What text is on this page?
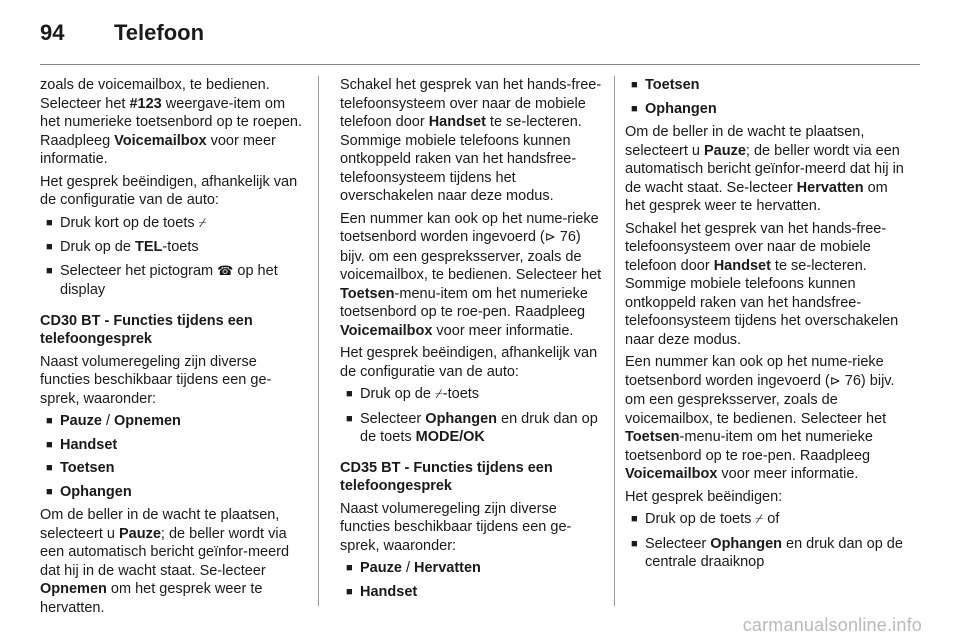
94	Telefoon

zoals de voicemailbox, te bedienen. Selecteer het #123 weergave-item om het numerieke toetsenbord op te roepen. Raadpleeg Voicemailbox voor meer informatie.

Het gesprek beëindigen, afhankelijk van de configuratie van de auto:

■ Druk kort op de toets ⌿
■ Druk op de TEL-toets
■ Selecteer het pictogram ☎ op het display

CD30 BT - Functies tijdens een telefoongesprek

Naast volumeregeling zijn diverse functies beschikbaar tijdens een ge-sprek, waaronder:

■ Pauze / Opnemen
■ Handset
■ Toetsen
■ Ophangen

Om de beller in de wacht te plaatsen, selecteert u Pauze; de beller wordt via een automatisch bericht geïnfor-meerd dat hij in de wacht staat. Se-lecteer Opnemen om het gesprek weer te hervatten.

Schakel het gesprek van het hands-free-telefoonsysteem over naar de mobiele telefoon door Handset te se-lecteren. Sommige mobiele telefoons kunnen ontkoppeld raken van het handsfree-telefoonsysteem tijdens het overschakelen naar deze modus.

Een nummer kan ook op het nume-rieke toetsenbord worden ingevoerd (⊳ 76) bijv. om een gespreksserver, zoals de voicemailbox, te bedienen. Selecteer het Toetsen-menu-item om het numerieke toetsenbord op te roe-pen. Raadpleeg Voicemailbox voor meer informatie.

Het gesprek beëindigen, afhankelijk van de configuratie van de auto:

■ Druk op de ⌿-toets
■ Selecteer Ophangen en druk dan op de toets MODE/OK

CD35 BT - Functies tijdens een telefoongesprek

Naast volumeregeling zijn diverse functies beschikbaar tijdens een ge-sprek, waaronder:

■ Pauze / Hervatten
■ Handset
■ Toetsen
■ Ophangen

Om de beller in de wacht te plaatsen, selecteert u Pauze; de beller wordt via een automatisch bericht geïnfor-meerd dat hij in de wacht staat. Se-lecteer Hervatten om het gesprek weer te hervatten.

Schakel het gesprek van het hands-free-telefoonsysteem over naar de mobiele telefoon door Handset te se-lecteren. Sommige mobiele telefoons kunnen ontkoppeld raken van het handsfree-telefoonsysteem tijdens het overschakelen naar deze modus.

Een nummer kan ook op het nume-rieke toetsenbord worden ingevoerd (⊳ 76) bijv. om een gespreksserver, zoals de voicemailbox, te bedienen. Selecteer het Toetsen-menu-item om het numerieke toetsenbord op te roe-pen. Raadpleeg Voicemailbox voor meer informatie.

Het gesprek beëindigen:

■ Druk op de toets ⌿ of
■ Selecteer Ophangen en druk dan op de centrale draaiknop
carmanualsonline.info
